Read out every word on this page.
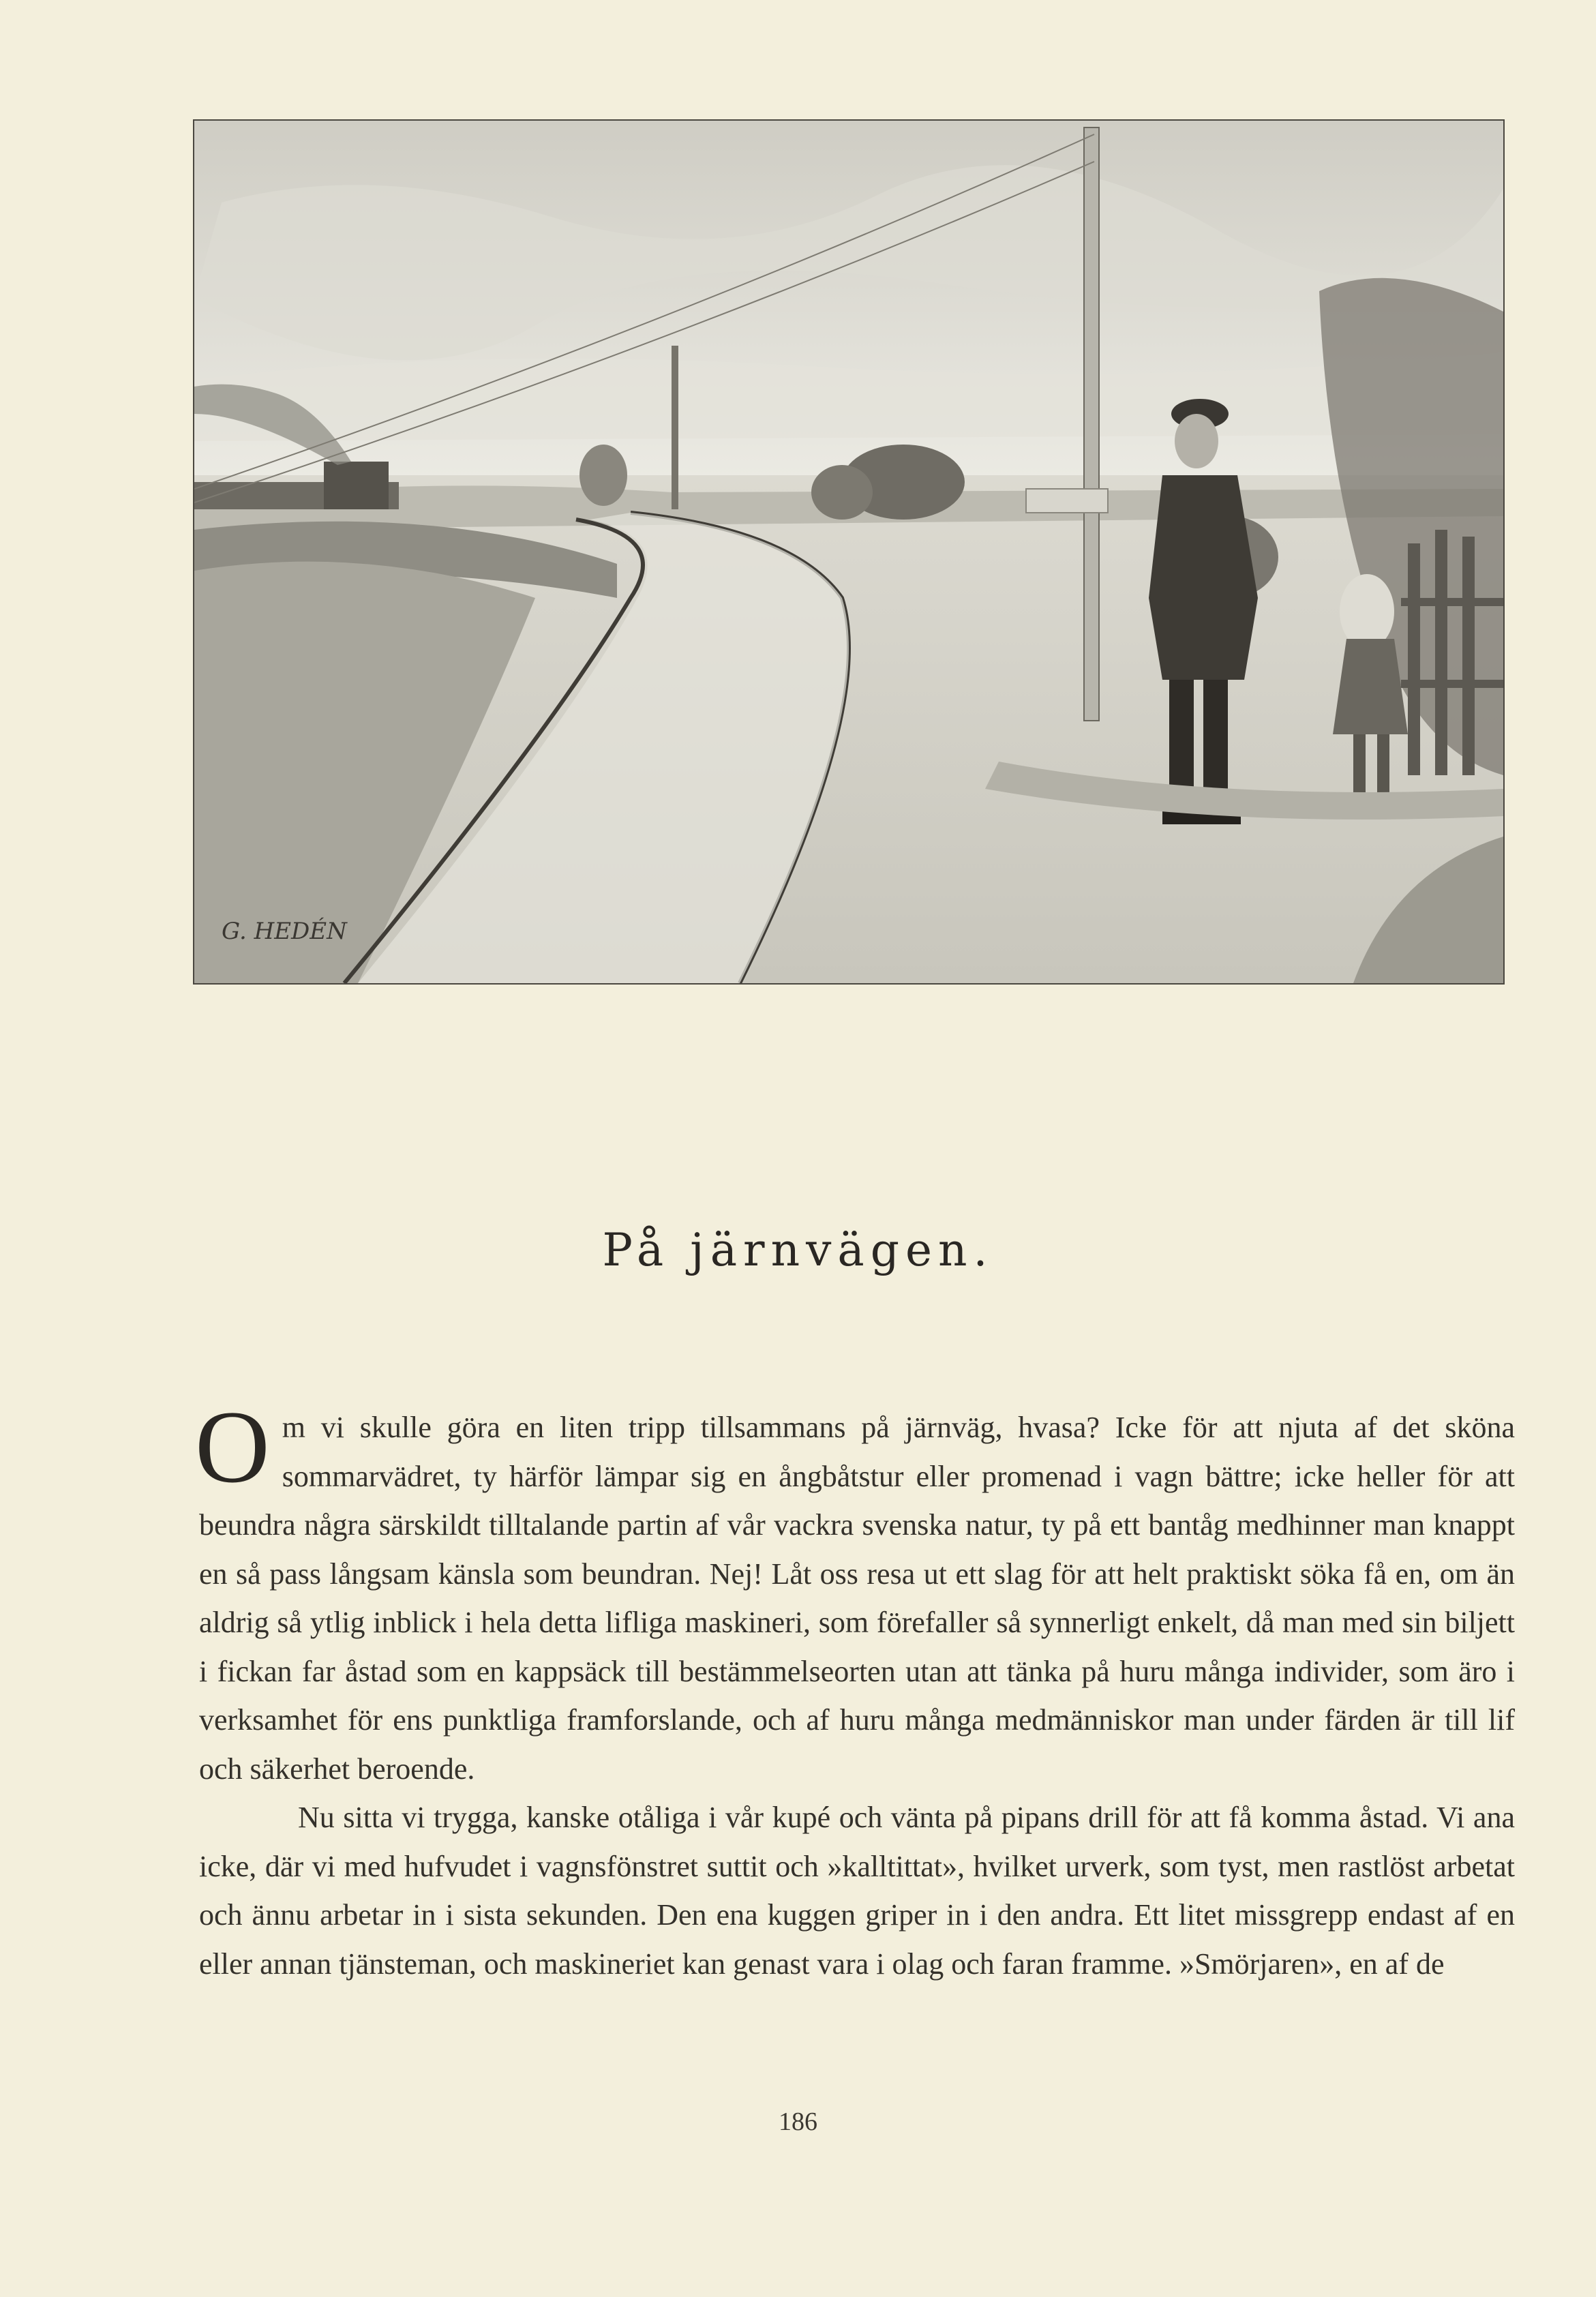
G. HEDÉN
På järnvägen.

Om vi skulle göra en liten tripp tillsammans på järnväg, hvasa? Icke för att njuta af det sköna sommarvädret, ty härför lämpar sig en ångbåtstur eller promenad i vagn bättre; icke heller för att beundra några särskildt tilltalande partin af vår vackra svenska natur, ty på ett bantåg medhinner man knappt en så pass långsam känsla som beundran. Nej! Låt oss resa ut ett slag för att helt praktiskt söka få en, om än aldrig så ytlig inblick i hela detta lifliga maskineri, som förefaller så synnerligt enkelt, då man med sin biljett i fickan far åstad som en kappsäck till bestämmelseorten utan att tänka på huru många individer, som äro i verksamhet för ens punktliga framforslande, och af huru många medmänniskor man under färden är till lif och säkerhet beroende.

Nu sitta vi trygga, kanske otåliga i vår kupé och vänta på pipans drill för att få komma åstad. Vi ana icke, där vi med hufvudet i vagnsfönstret suttit och »kalltittat», hvilket urverk, som tyst, men rastlöst arbetat och ännu arbetar in i sista sekunden. Den ena kuggen griper in i den andra. Ett litet missgrepp endast af en eller annan tjänsteman, och maskineriet kan genast vara i olag och faran framme. »Smörjaren», en af de

186
